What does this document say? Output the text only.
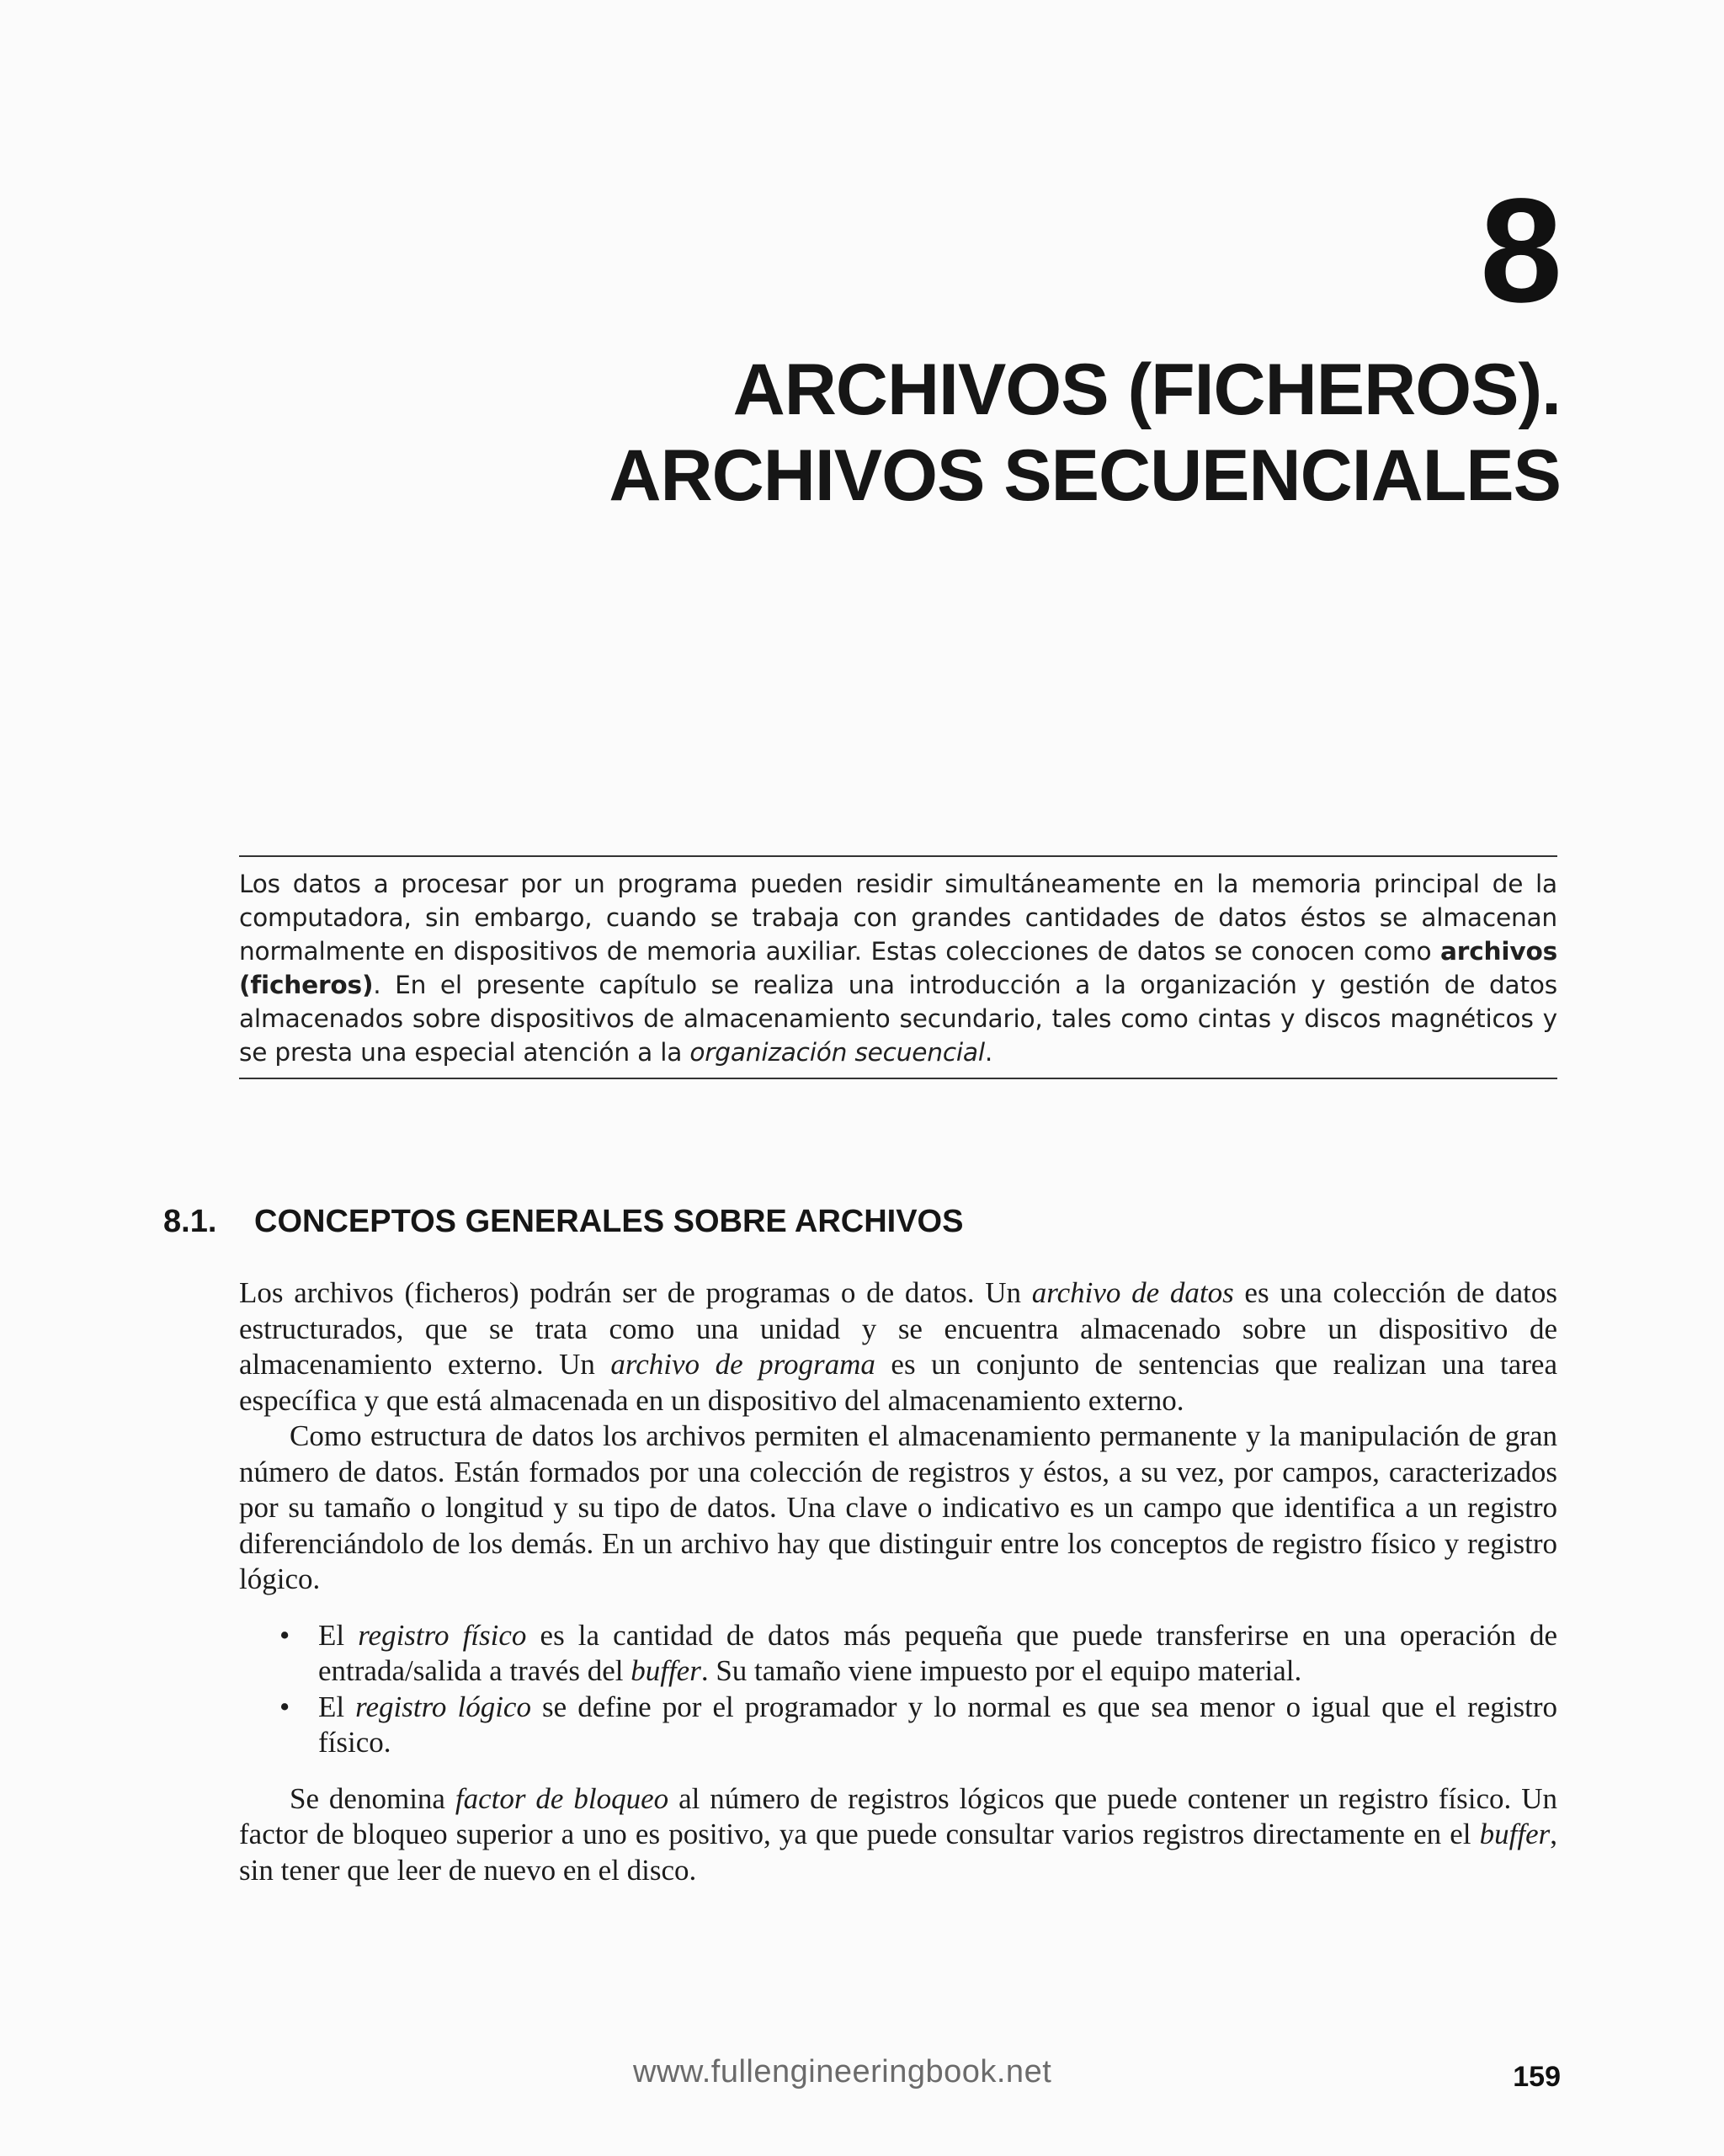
8
ARCHIVOS (FICHEROS).
ARCHIVOS SECUENCIALES
Los datos a procesar por un programa pueden residir simultáneamente en la memoria principal de la computadora, sin embargo, cuando se trabaja con grandes cantidades de datos éstos se almacenan normalmente en dispositivos de memoria auxiliar. Estas colecciones de datos se conocen como archivos (ficheros). En el presente capítulo se realiza una introducción a la organización y gestión de datos almacenados sobre dispositivos de almacenamiento secundario, tales como cintas y discos magnéticos y se presta una especial atención a la organización secuencial.
8.1. CONCEPTOS GENERALES SOBRE ARCHIVOS

Los archivos (ficheros) podrán ser de programas o de datos. Un archivo de datos es una colección de datos estructurados, que se trata como una unidad y se encuentra almacenado sobre un dispositivo de almacenamiento externo. Un archivo de programa es un conjunto de sentencias que realizan una tarea específica y que está almacenada en un dispositivo del almacenamiento externo.

Como estructura de datos los archivos permiten el almacenamiento permanente y la manipulación de gran número de datos. Están formados por una colección de registros y éstos, a su vez, por campos, caracterizados por su tamaño o longitud y su tipo de datos. Una clave o indicativo es un campo que identifica a un registro diferenciándolo de los demás. En un archivo hay que distinguir entre los conceptos de registro físico y registro lógico.

• El registro físico es la cantidad de datos más pequeña que puede transferirse en una operación de entrada/salida a través del buffer. Su tamaño viene impuesto por el equipo material.
• El registro lógico se define por el programador y lo normal es que sea menor o igual que el registro físico.

Se denomina factor de bloqueo al número de registros lógicos que puede contener un registro físico. Un factor de bloqueo superior a uno es positivo, ya que puede consultar varios registros directamente en el buffer, sin tener que leer de nuevo en el disco.

www.fullengineeringbook.net	159
